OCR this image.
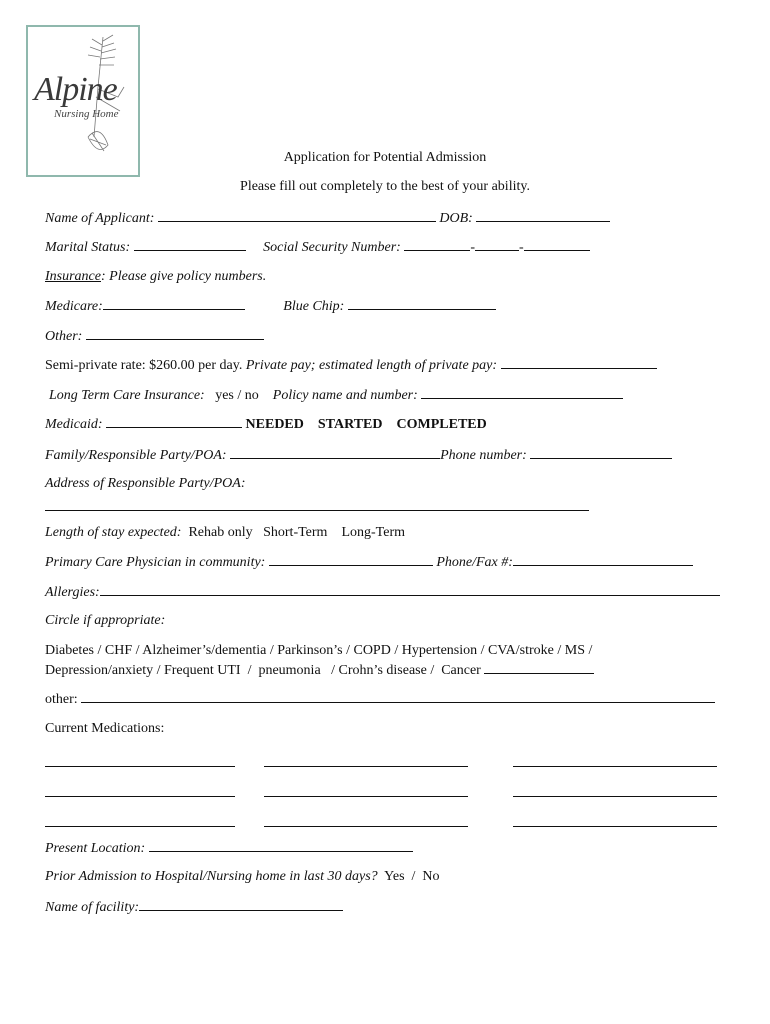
Alpine
Nursing Home
Application for Potential Admission
Please fill out completely to the best of your ability.
Name of Applicant:	DOB:
Marital Status:	Social Security Number:	-	-
Insurance: Please give policy numbers.
Medicare:	Blue Chip:
Other:
Semi-private rate: $260.00 per day. Private pay; estimated length of private pay:
Long Term Care Insurance: yes / no Policy name and number:
Medicaid:	NEEDED STARTED COMPLETED
Family/Responsible Party/POA:	Phone number:
Address of Responsible Party/POA:
Length of stay expected: Rehab only Short-Term Long-Term
Primary Care Physician in community:	Phone/Fax #:
Allergies:
Circle if appropriate:
Diabetes / CHF / Alzheimer’s/dementia / Parkinson’s / COPD / Hypertension / CVA/stroke / MS /
Depression/anxiety / Frequent UTI  /  pneumonia   / Crohn’s disease /  Cancer
other:
Current Medications:
Present Location:
Prior Admission to Hospital/Nursing home in last 30 days? Yes  /  No
Name of facility:
